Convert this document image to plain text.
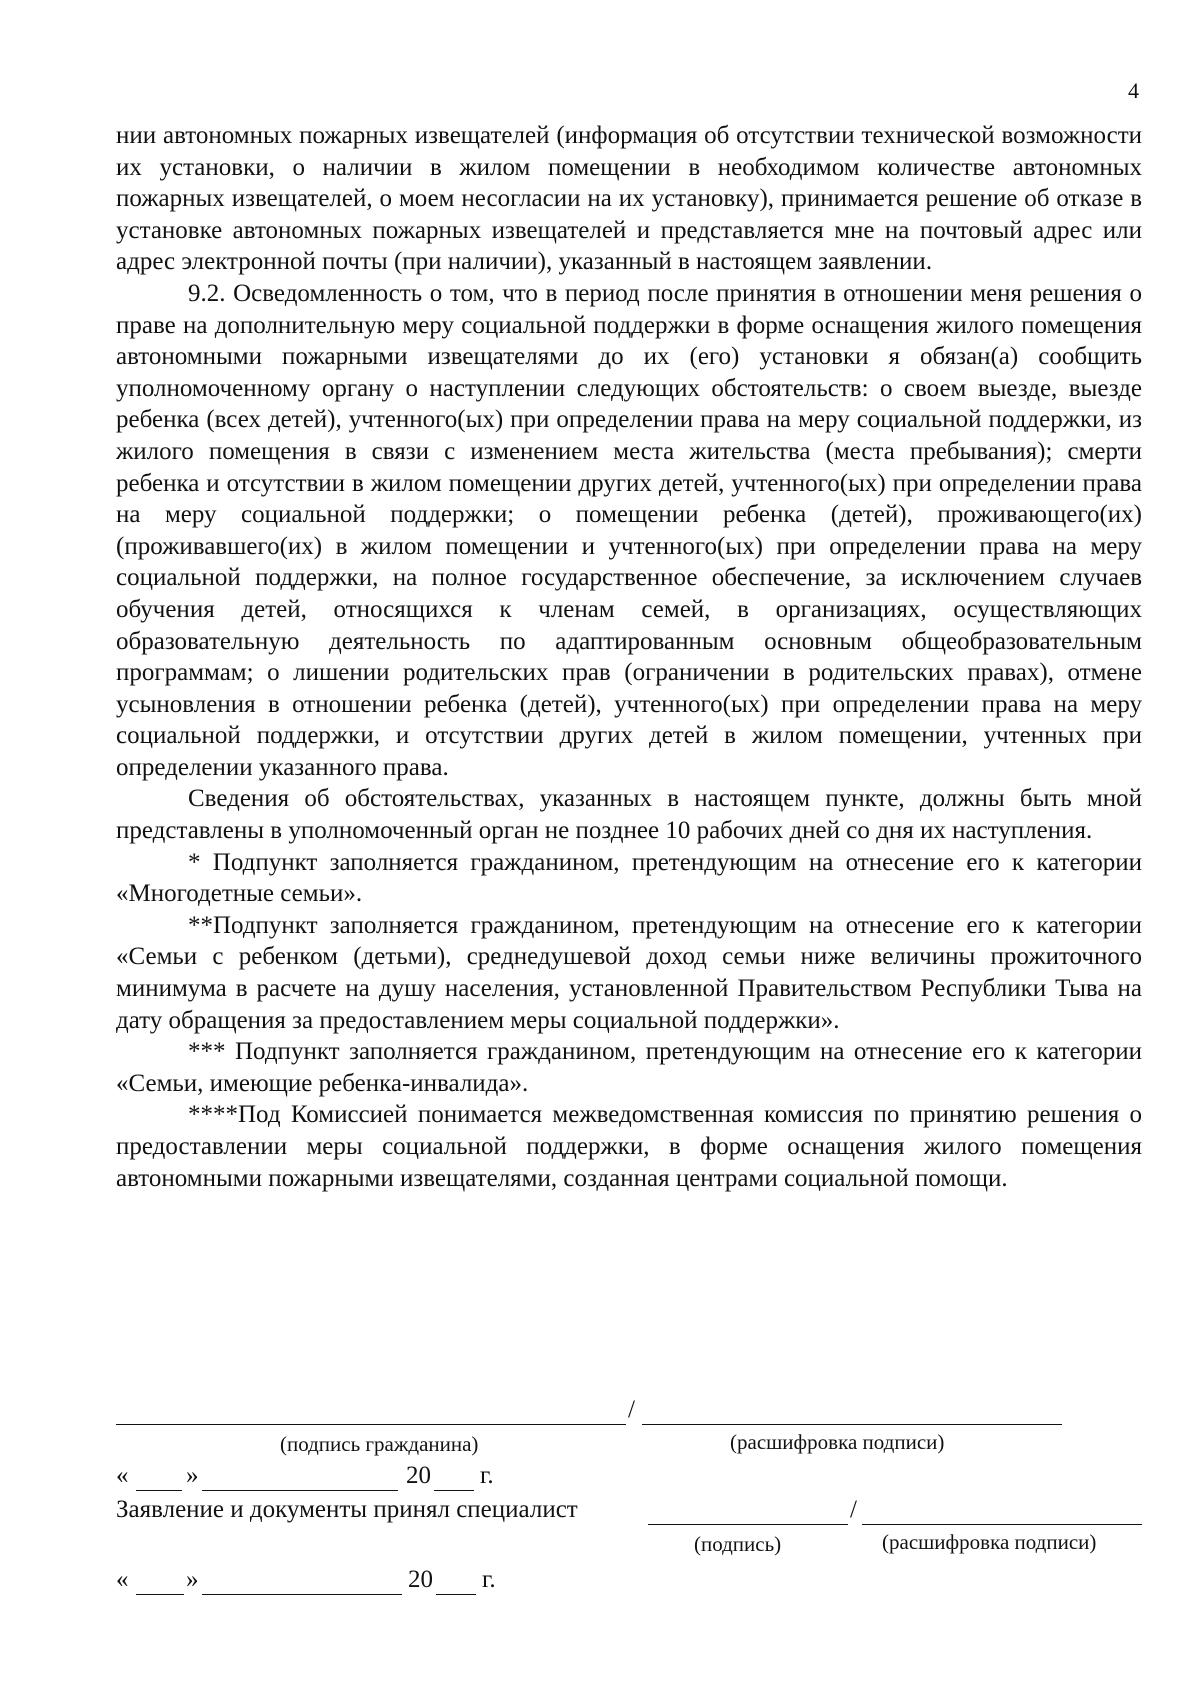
4

нии автономных пожарных извещателей (информация об отсутствии технической возможности их установки, о наличии в жилом помещении в необходимом количестве автономных пожарных извещателей, о моем несогласии на их установку), принимается решение об отказе в установке автономных пожарных извещателей и представляется мне на почтовый адрес или адрес электронной почты (при наличии), указанный в настоящем заявлении.

9.2. Осведомленность о том, что в период после принятия в отношении меня решения о праве на дополнительную меру социальной поддержки в форме оснащения жилого помещения автономными пожарными извещателями до их (его) установки я обязан(а) сообщить уполномоченному органу о наступлении следующих обстоятельств: о своем выезде, выезде ребенка (всех детей), учтенного(ых) при определении права на меру социальной поддержки, из жилого помещения в связи с изменением места жительства (места пребывания); смерти ребенка и отсутствии в жилом помещении других детей, учтенного(ых) при определении права на меру социальной поддержки; о помещении ребенка (детей), проживающего(их) (проживавшего(их) в жилом помещении и учтенного(ых) при определении права на меру социальной поддержки, на полное государственное обеспечение, за исключением случаев обучения детей, относящихся к членам семей, в организациях, осуществляющих образовательную деятельность по адаптированным основным общеобразовательным программам; о лишении родительских прав (ограничении в родительских правах), отмене усыновления в отношении ребенка (детей), учтенного(ых) при определении права на меру социальной поддержки, и отсутствии других детей в жилом помещении, учтенных при определении указанного права.

Сведения об обстоятельствах, указанных в настоящем пункте, должны быть мной представлены в уполномоченный орган не позднее 10 рабочих дней со дня их наступления.

* Подпункт заполняется гражданином, претендующим на отнесение его к категории «Многодетные семьи».

**Подпункт заполняется гражданином, претендующим на отнесение его к категории «Семьи с ребенком (детьми), среднедушевой доход семьи ниже величины прожиточного минимума в расчете на душу населения, установленной Правительством Республики Тыва на дату обращения за предоставлением меры социальной поддержки».

*** Подпункт заполняется гражданином, претендующим на отнесение его к категории «Семьи, имеющие ребенка-инвалида».

****Под Комиссией понимается межведомственная комиссия по принятию решения о предоставлении меры социальной поддержки, в форме оснащения жилого помещения автономными пожарными извещателями, созданная центрами социальной помощи.

/
(подпись гражданина)	(расшифровка подписи)
« »	20 г.
Заявление и документы принял специалист	/
(подпись)	(расшифровка подписи)
« »	20 г.
